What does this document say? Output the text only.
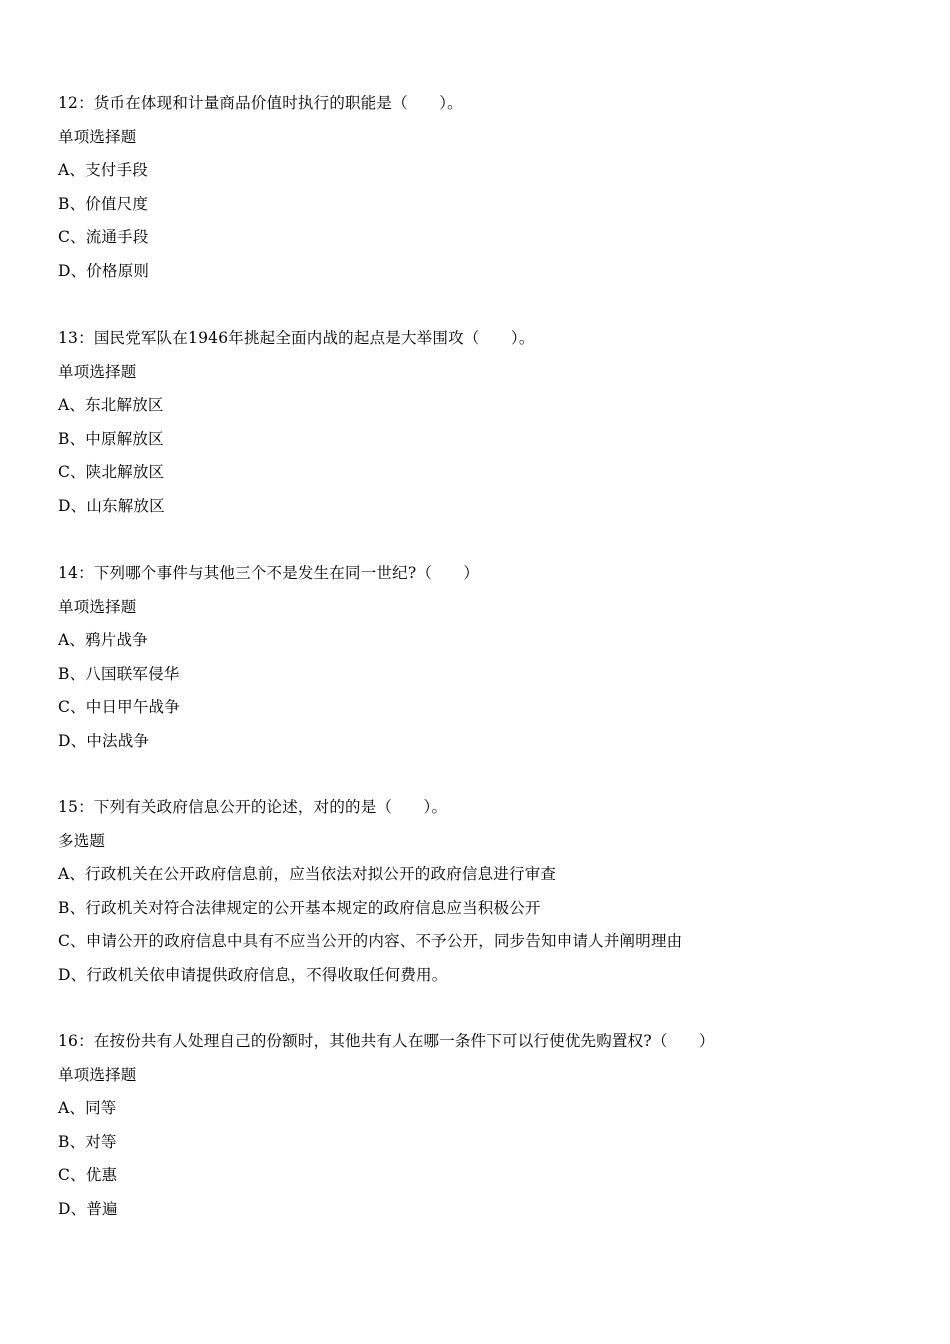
12：货币在体现和计量商品价值时执行的职能是（　　）。
单项选择题
A、支付手段
B、价值尺度
C、流通手段
D、价格原则
13：国民党军队在1946年挑起全面内战的起点是大举围攻（　　）。
单项选择题
A、东北解放区
B、中原解放区
C、陕北解放区
D、山东解放区
14：下列哪个事件与其他三个不是发生在同一世纪?（　　）
单项选择题
A、鸦片战争
B、八国联军侵华
C、中日甲午战争
D、中法战争
15：下列有关政府信息公开的论述，对的的是（　　）。
多选题
A、行政机关在公开政府信息前，应当依法对拟公开的政府信息进行审查
B、行政机关对符合法律规定的公开基本规定的政府信息应当积极公开
C、申请公开的政府信息中具有不应当公开的内容、不予公开，同步告知申请人并阐明理由
D、行政机关依申请提供政府信息，不得收取任何费用。
16：在按份共有人处理自己的份额时，其他共有人在哪一条件下可以行使优先购置权?（　　）
单项选择题
A、同等
B、对等
C、优惠
D、普遍
